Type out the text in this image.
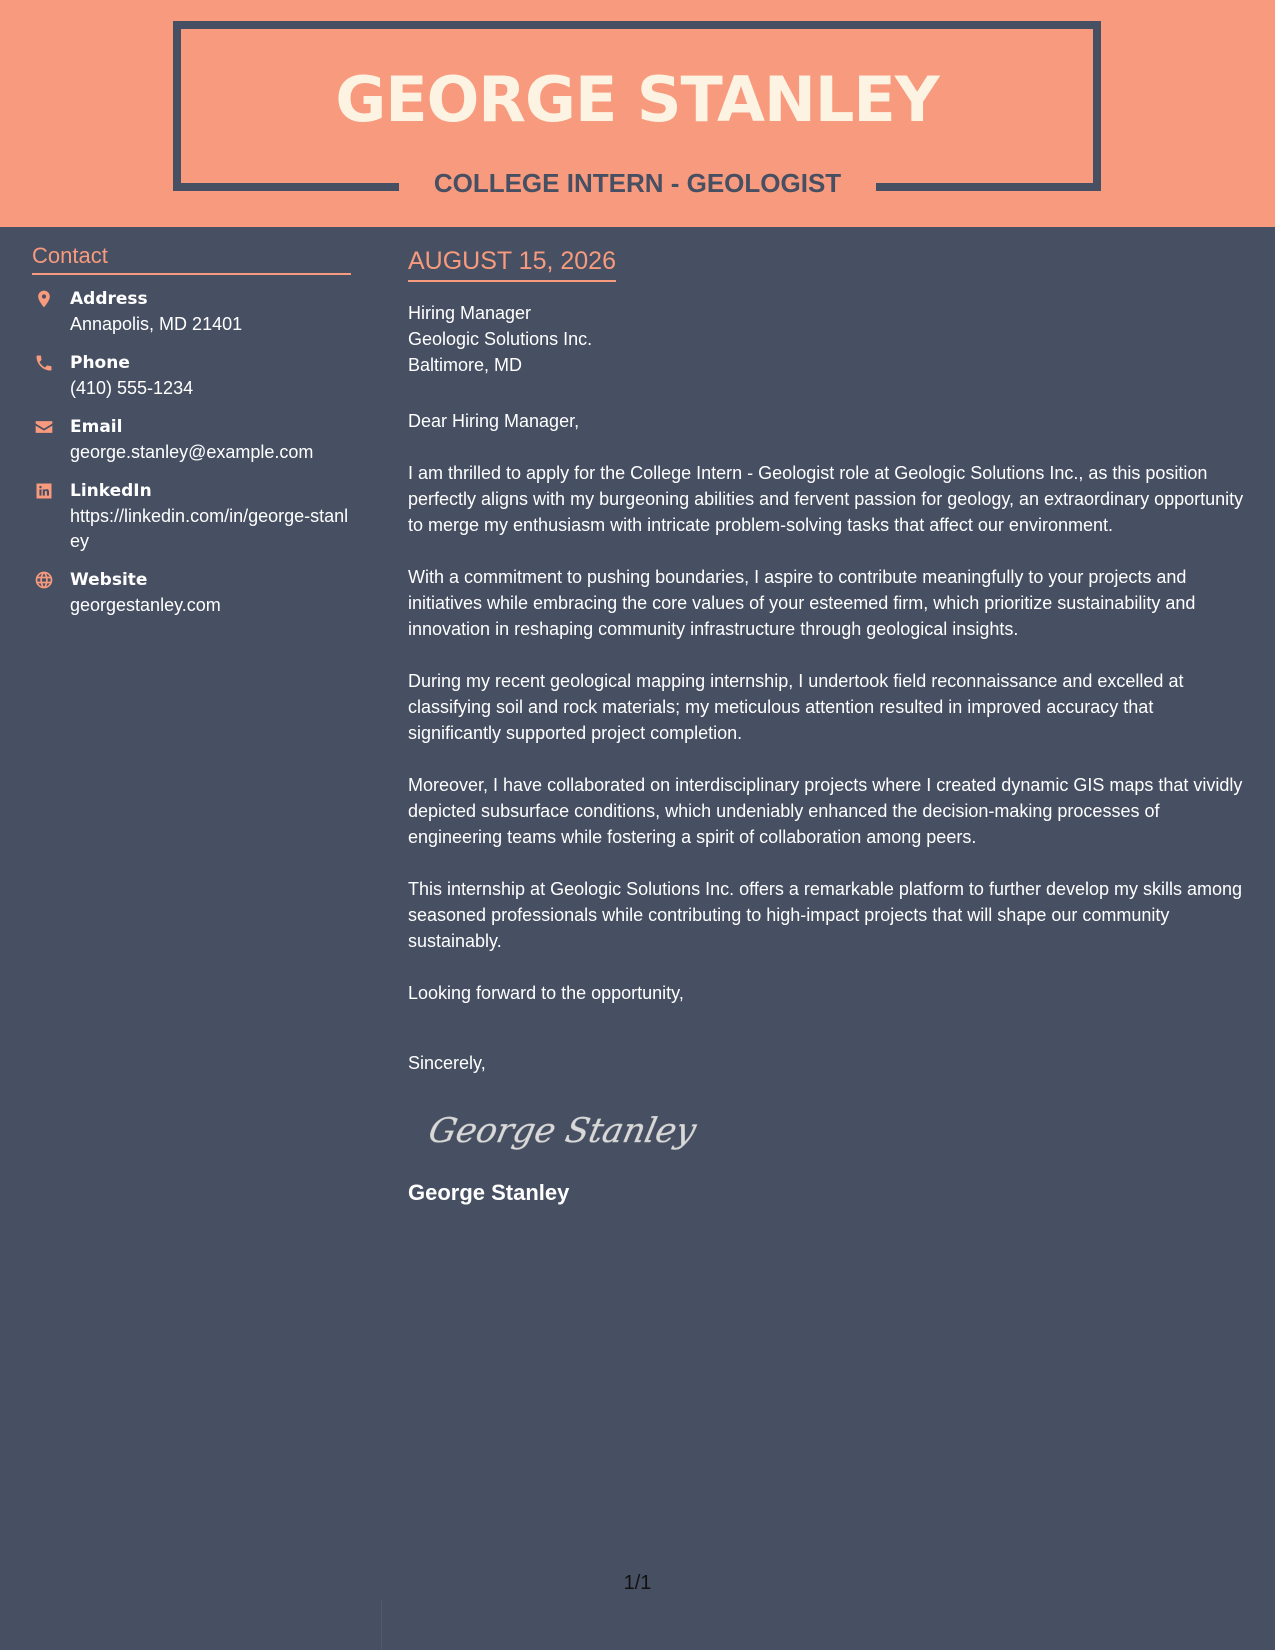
GEORGE STANLEY
COLLEGE INTERN - GEOLOGIST
Contact
Address
Annapolis, MD 21401
Phone
(410) 555-1234
Email
george.stanley@example.com
LinkedIn
https://linkedin.com/in/george-stanley
Website
georgestanley.com
AUGUST 15, 2026
Hiring Manager
Geologic Solutions Inc.
Baltimore, MD
Dear Hiring Manager,
I am thrilled to apply for the College Intern - Geologist role at Geologic Solutions Inc., as this position perfectly aligns with my burgeoning abilities and fervent passion for geology, an extraordinary opportunity to merge my enthusiasm with intricate problem-solving tasks that affect our environment.
With a commitment to pushing boundaries, I aspire to contribute meaningfully to your projects and initiatives while embracing the core values of your esteemed firm, which prioritize sustainability and innovation in reshaping community infrastructure through geological insights.
During my recent geological mapping internship, I undertook field reconnaissance and excelled at classifying soil and rock materials; my meticulous attention resulted in improved accuracy that significantly supported project completion.
Moreover, I have collaborated on interdisciplinary projects where I created dynamic GIS maps that vividly depicted subsurface conditions, which undeniably enhanced the decision-making processes of engineering teams while fostering a spirit of collaboration among peers.
This internship at Geologic Solutions Inc. offers a remarkable platform to further develop my skills among seasoned professionals while contributing to high-impact projects that will shape our community sustainably.
Looking forward to the opportunity,
Sincerely,
George Stanley
George Stanley
1/1
